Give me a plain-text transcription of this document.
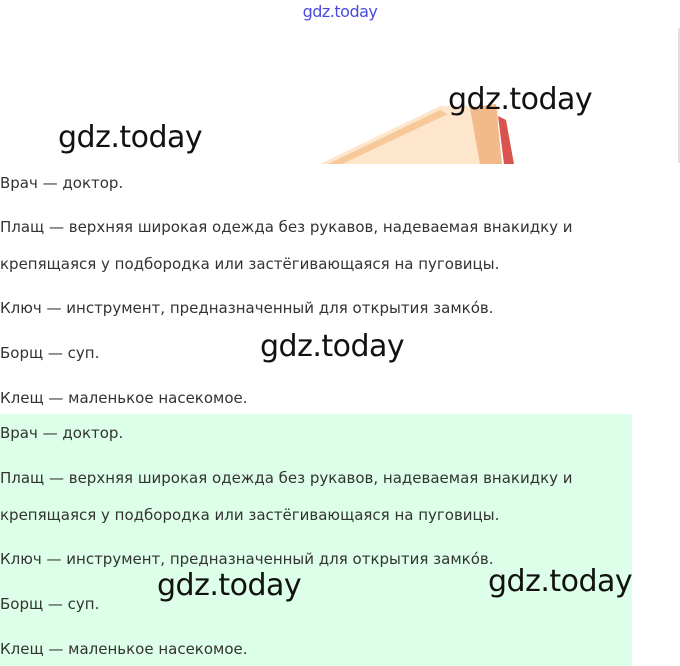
gdz.today
gdz.today
gdz.today
Врач — доктор.
Плащ — верхняя широкая одежда без рукавов, надеваемая внакидку и
крепящаяся у подбородка или застёгивающаяся на пуговицы.
Ключ — инструмент, предназначенный для открытия замко́в.
Борщ — суп.
Клещ — маленькое насекомое.
gdz.today
Врач — доктор.
Плащ — верхняя широкая одежда без рукавов, надеваемая внакидку и
крепящаяся у подбородка или застёгивающаяся на пуговицы.
Ключ — инструмент, предназначенный для открытия замко́в.
Борщ — суп.
Клещ — маленькое насекомое.
gdz.today	gdz.today
